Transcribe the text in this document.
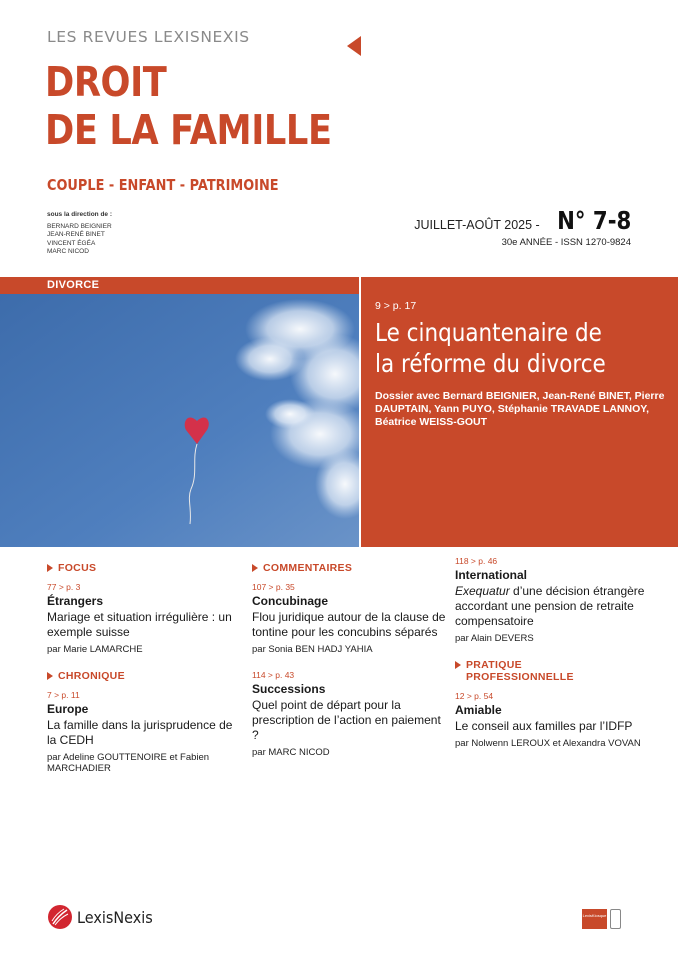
LES REVUES LEXISNEXIS
DROIT
DE LA FAMILLE
COUPLE - ENFANT - PATRIMOINE
sous la direction de :
BERNARD BEIGNIER
JEAN-RENÉ BINET
VINCENT ÉGÉA
MARC NICOD
JUILLET-AOÛT 2025 - N° 7-8
30e ANNÉE - ISSN 1270-9824
DIVORCE
9 > p. 17
Le cinquantenaire de
la réforme du divorce
Dossier avec Bernard BEIGNIER, Jean-René BINET, Pierre DAUPTAIN, Yann PUYO, Stéphanie TRAVADE LANNOY, Béatrice WEISS-GOUT
FOCUS
77 > p. 3
Étrangers
Mariage et situation irrégulière : un exemple suisse
par Marie LAMARCHE
CHRONIQUE
7 > p. 11
Europe
La famille dans la jurisprudence de la CEDH
par Adeline GOUTTENOIRE et Fabien MARCHADIER
COMMENTAIRES
107 > p. 35
Concubinage
Flou juridique autour de la clause de tontine pour les concubins séparés
par Sonia BEN HADJ YAHIA
114 > p. 43
Successions
Quel point de départ pour la prescription de l’action en paiement ?
par MARC NICOD
118 > p. 46
International
Exequatur d’une décision étrangère accordant une pension de retraite compensatoire
par Alain DEVERS
PRATIQUE PROFESSIONNELLE
12 > p. 54
Amiable
Le conseil aux familles par l’IDFP
par Nolwenn LEROUX et Alexandra VOVAN
LexisNexis	LexisKiosque
